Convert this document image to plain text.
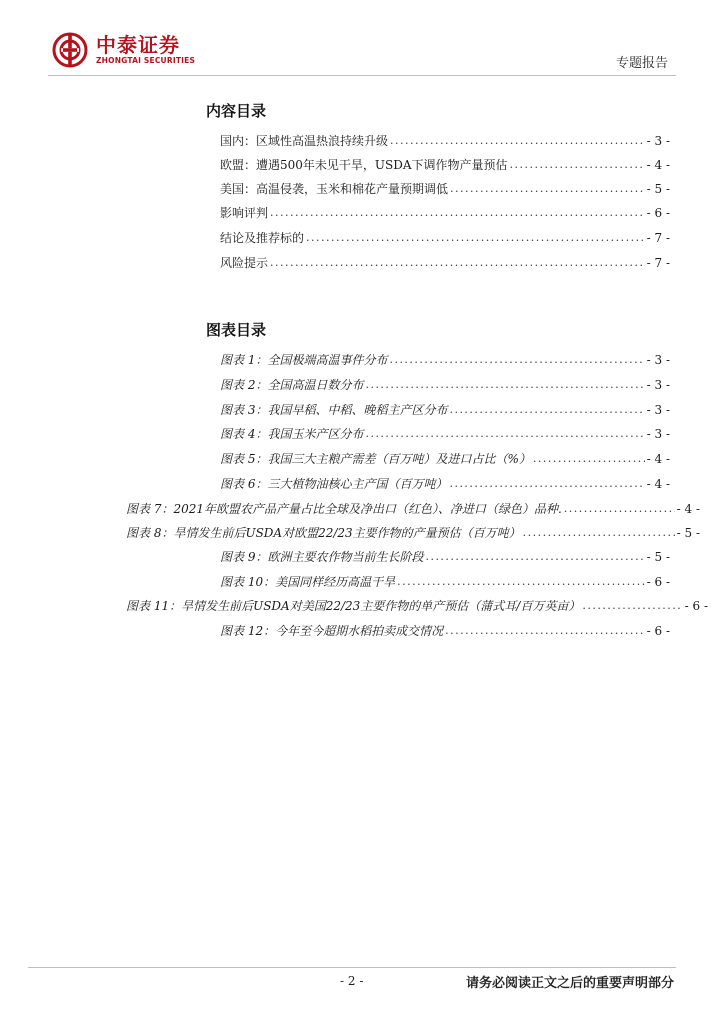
中泰证券
ZHONGTAI SECURITIES	专题报告
内容目录
国内：区域性高温热浪持续升级 . . .	- 3 -
欧盟：遭遇500年未见干旱，USDA下调作物产量预估 . . .	- 4 -
美国：高温侵袭，玉米和棉花产量预期调低 . . .	- 5 -
影响评判 . . .	- 6 -
结论及推荐标的 . . .	- 7 -
风险提示 . . .	- 7 -
图表目录
图表 1：全国极端高温事件分布 . . .	- 3 -
图表 2：全国高温日数分布 . . .	- 3 -
图表 3：我国早稻、中稻、晚稻主产区分布 . . .	- 3 -
图表 4：我国玉米产区分布 . . .	- 3 -
图表 5：我国三大主粮产需差（百万吨）及进口占比（%） . . .	- 4 -
图表 6：三大植物油核心主产国（百万吨） . . .	- 4 -
图表 7：2021年欧盟农产品产量占比全球及净出口（红色）、净进口（绿色）品种. . . .	- 4 -
图表 8：旱情发生前后USDA对欧盟22/23主要作物的产量预估（百万吨） . . .	- 5 -
图表 9：欧洲主要农作物当前生长阶段 . . .	- 5 -
图表 10：美国同样经历高温干旱 . . .	- 6 -
图表 11：旱情发生前后USDA对美国22/23主要作物的单产预估（蒲式耳/百万英亩） . . .	- 6 -
图表 12：今年至今超期水稻拍卖成交情况 . . .	- 6 -
- 2 -	请务必阅读正文之后的重要声明部分
